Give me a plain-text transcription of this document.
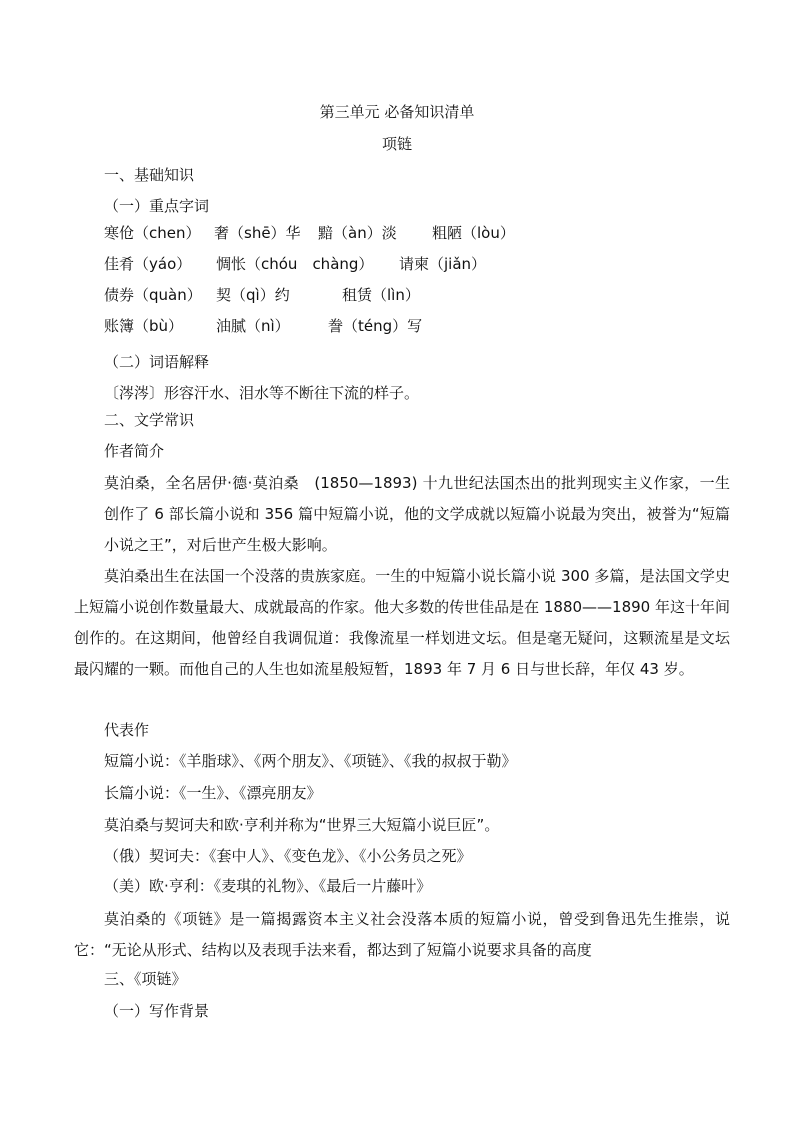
第三单元 必备知识清单
项链
一、基础知识
（一）重点字词
寒伧（chen） 奢（shē）华 黯（àn）淡 粗陋（lòu）
佳肴（yáo） 惆怅（chóu　chàng） 请柬（jiǎn）
债券（quàn） 契（qì）约	租赁（lìn）
账簿（bù） 油腻（nì）	誊（téng）写
（二）词语解释
〔涔涔〕形容汗水、泪水等不断往下流的样子。
二、文学常识
作者简介
莫泊桑，全名居伊·德·莫泊桑　(1850—1893) 十九世纪法国杰出的批判现实主义作家，一生创作了 6 部长篇小说和 356 篇中短篇小说，他的文学成就以短篇小说最为突出，被誉为“短篇小说之王”，对后世产生极大影响。
莫泊桑出生在法国一个没落的贵族家庭。一生的中短篇小说长篇小说 300 多篇，是法国文学史上短篇小说创作数量最大、成就最高的作家。他大多数的传世佳品是在 1880——1890 年这十年间创作的。在这期间，他曾经自我调侃道：我像流星一样划进文坛。但是毫无疑问，这颗流星是文坛最闪耀的一颗。而他自己的人生也如流星般短暂，1893 年 7 月 6 日与世长辞，年仅 43 岁。
代表作
短篇小说：《羊脂球》、《两个朋友》、《项链》、《我的叔叔于勒》
长篇小说：《一生》、《漂亮朋友》
莫泊桑与契诃夫和欧·亨利并称为“世界三大短篇小说巨匠”。
（俄）契诃夫：《套中人》、《变色龙》、《小公务员之死》
（美）欧·亨利：《麦琪的礼物》、《最后一片藤叶》
莫泊桑的《项链》是一篇揭露资本主义社会没落本质的短篇小说，曾受到鲁迅先生推崇，说它：“无论从形式、结构以及表现手法来看，都达到了短篇小说要求具备的高度
三、《项链》
（一）写作背景
